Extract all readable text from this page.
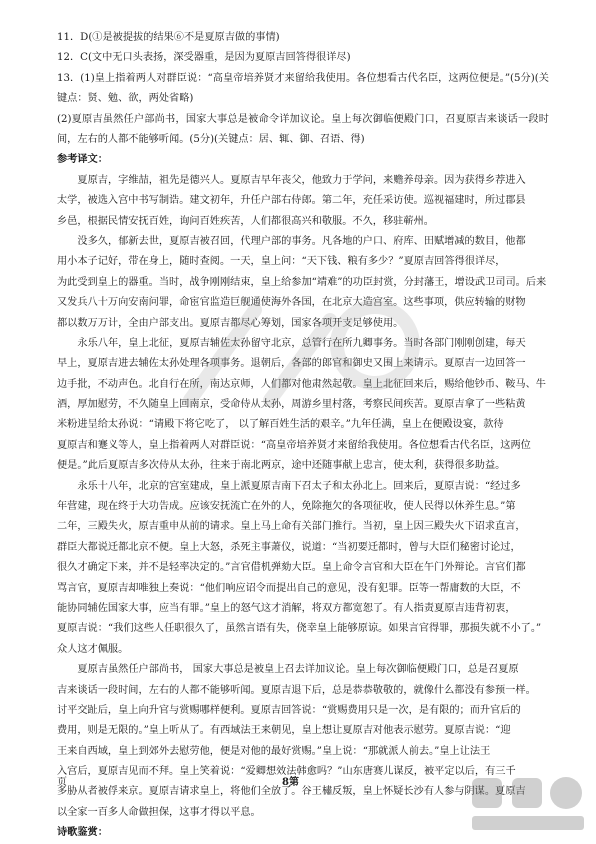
11．D(①是被提拔的结果⑥不是夏原吉做的事情)
12．C(文中无口头表扬，深受器重，是因为夏原吉回答得很详尽)
13．(1)皇上指着两人对群臣说：“高皇帝培养贤才来留给我使用。各位想看古代名臣，这两位便是。”(5分)(关键点：贤、勉、欲，两处省略)
(2)夏原吉虽然任户部尚书，国家大事总是被命令详加议论。皇上每次御临便殿门口，召夏原吉来谈话一段时间，左右的人都不能够听闻。(5分)(关键点：居、辄、御、召语、得)
参考译文：
夏原吉，字维喆，祖先是德兴人。夏原吉早年丧父，他致力于学问，来赡养母亲。因为获得乡荐进入
太学，被选入宫中书写制诰。建文初年，升任户部右侍郎。第二年，充任采访使。巡视福建时，所过郡县
乡邑，根据民情安抚百姓，询问百姓疾苦，人们都很高兴和敬服。不久，移驻蕲州。
没多久，郁新去世，夏原吉被召回，代理户部的事务。凡各地的户口、府库、田赋增减的数目，他都
用小本子记好，带在身上，随时查阅。一天，皇上问：“天下钱、粮有多少？”夏原吉回答得很详尽，
为此受到皇上的器重。当时，战争刚刚结束，皇上给参加“靖难”的功臣封赏，分封藩王，增设武卫司司。后来
又发兵八十万向安南问罪，命宦官监造巨舰通使海外各国，在北京大造宫室。这些事项，供应转输的财物
都以数万万计，全由户部支出。夏原吉都尽心筹划，国家各项开支足够使用。
永乐八年，皇上北征，夏原吉辅佐太孙留守北京，总管行在所九卿事务。当时各部门刚刚创建，每天
早上，夏原吉进去辅佐太孙处理各项事务。退朝后，各部的郎官和御史又围上来请示。夏原吉一边回答一
边手批，不动声色。北自行在所，南达京师，人们都对他肃然起敬。皇上北征回来后，赐给他钞币、鞍马、牛
酒，厚加慰劳，不久随皇上回南京，受命侍从太孙，周游乡里村落，考察民间疾苦。夏原吉拿了一些粘黄
米粉进呈给太孙说：“请殿下将它吃了， 以了解百姓生活的艰辛。”九年任满，皇上在便殿设宴，款待
夏原吉和蹇义等人，皇上指着两人对群臣说：“高皇帝培养贤才来留给我使用。各位想看古代名臣，这两位
便是。”此后夏原吉多次侍从太孙，往来于南北两京，途中还随事献上忠言，使太利，获得很多助益。
永乐十八年，北京的宫室建成，皇上派夏原吉南下召太子和太孙北上。回来后，夏原吉说：“经过多
年营建，现在终于大功告成。应该安抚流亡在外的人，免除拖欠的各项征收，使人民得以休养生息。”第
二年，三殿失火，原吉重申从前的请求。皇上马上命有关部门推行。当初，皇上因三殿失火下诏求直言，
群臣大都说迁都北京不便。皇上大怒，杀死主事萧仪，说道：“当初要迁都时，曾与大臣们秘密讨论过，
很久才确定下来，并不是轻率决定的。”言官借机弹劾大臣。皇上命令言官和大臣在午门外辩论。言官们都
骂言官，夏原吉却唯独上奏说：“他们响应诏令而提出自己的意见，没有犯罪。臣等一帮庸数的大臣，不
能协同辅佐国家大事，应当有罪。”皇上的怒气这才消解，将双方都宽恕了。有人指责夏原吉违背初衷，
夏原吉说：“我们这些人任职很久了，虽然言语有失，侥幸皇上能够原谅。如果言官得罪，那损失就不小了。”
众人这才佩服。
夏原吉虽然任户部尚书， 国家大事总是被皇上召去详加议论。皇上每次御临便殿门口，总是召夏原
吉来谈话一段时间，左右的人都不能够听闻。夏原吉退下后，总是恭恭敬敬的，就像什么都没有参预一样。
讨平交趾后，皇上向升官与赏赐哪样便利。夏原吉回答说：“赏赐费用只是一次，是有限的；而升官后的
费用，则是无限的。”皇上听从了。有西域法王来朝见，皇上想让夏原吉对他表示慰劳。夏原吉说：“迎
王来自西域，皇上到郊外去慰劳他，便是对他的最好赏赐。”皇上说：“那就派人前去。”皇上让法王
入宫后，夏原吉见而不拜。皇上笑着说：“爱卿想效法韩愈吗？”山东唐赛儿谋反，被平定以后，有三千
多胁从者被俘来京。夏原吉请求皇上，将他们全放了。谷王橚反叛，皇上怀疑长沙有人参与阴谋。夏原吉
以全家一百多人命做担保，这事才得以平息。
诗歌鉴赏：
页	8第
